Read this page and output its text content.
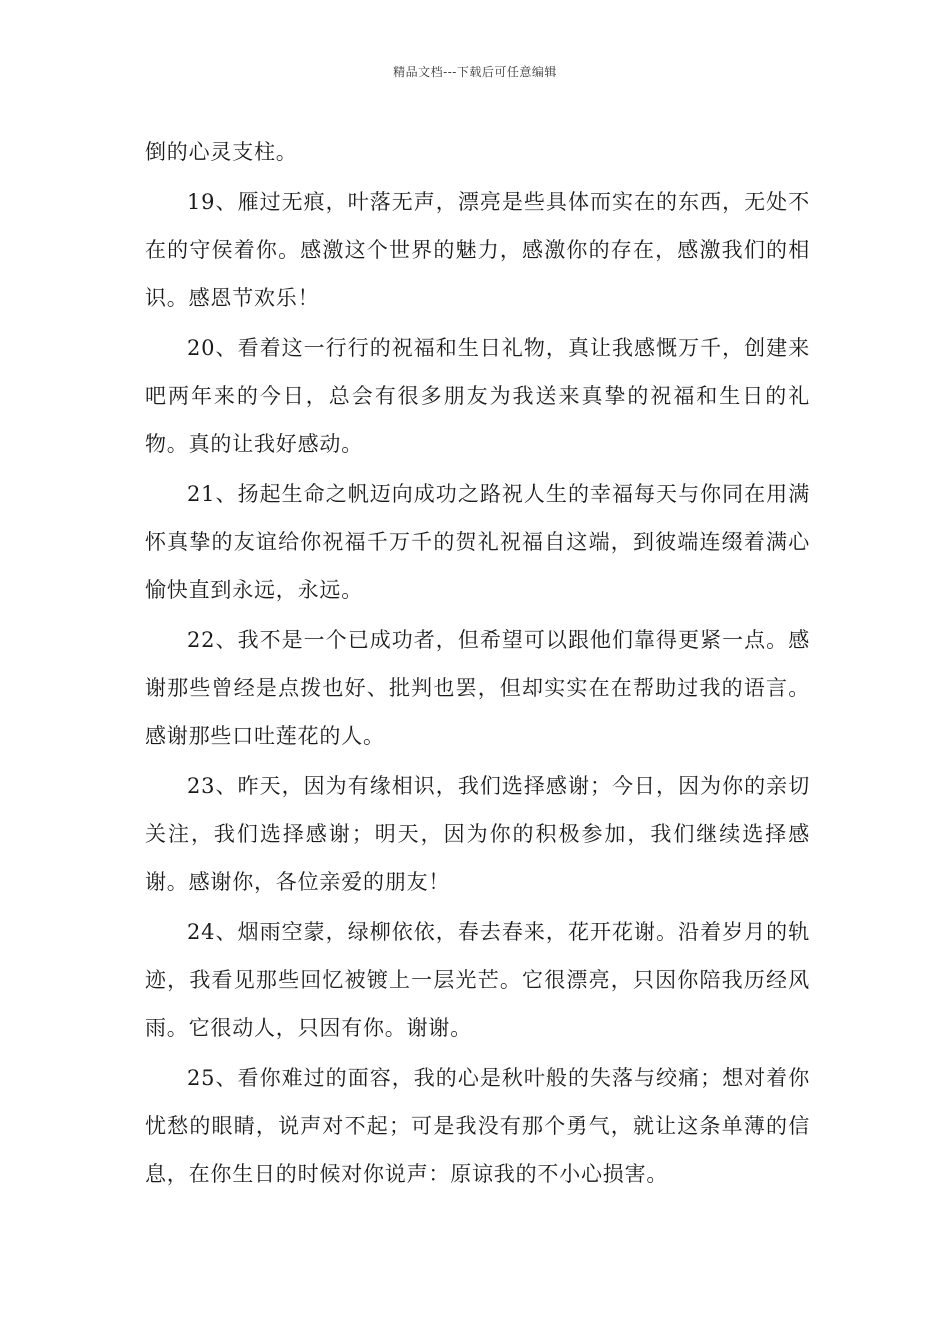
精品文档---下载后可任意编辑

倒的心灵支柱。

19、雁过无痕，叶落无声，漂亮是些具体而实在的东西，无处不在的守侯着你。感激这个世界的魅力，感激你的存在，感激我们的相识。感恩节欢乐！

20、看着这一行行的祝福和生日礼物，真让我感慨万千，创建来吧两年来的今日，总会有很多朋友为我送来真挚的祝福和生日的礼物。真的让我好感动。

21、扬起生命之帆迈向成功之路祝人生的幸福每天与你同在用满怀真挚的友谊给你祝福千万千的贺礼祝福自这端，到彼端连缀着满心愉快直到永远，永远。

22、我不是一个已成功者，但希望可以跟他们靠得更紧一点。感谢那些曾经是点拨也好、批判也罢，但却实实在在帮助过我的语言。感谢那些口吐莲花的人。

23、昨天，因为有缘相识，我们选择感谢；今日，因为你的亲切关注，我们选择感谢；明天，因为你的积极参加，我们继续选择感谢。感谢你，各位亲爱的朋友！

24、烟雨空蒙，绿柳依依，春去春来，花开花谢。沿着岁月的轨迹，我看见那些回忆被镀上一层光芒。它很漂亮，只因你陪我历经风雨。它很动人，只因有你。谢谢。

25、看你难过的面容，我的心是秋叶般的失落与绞痛；想对着你忧愁的眼睛，说声对不起；可是我没有那个勇气，就让这条单薄的信息，在你生日的时候对你说声：原谅我的不小心损害。
